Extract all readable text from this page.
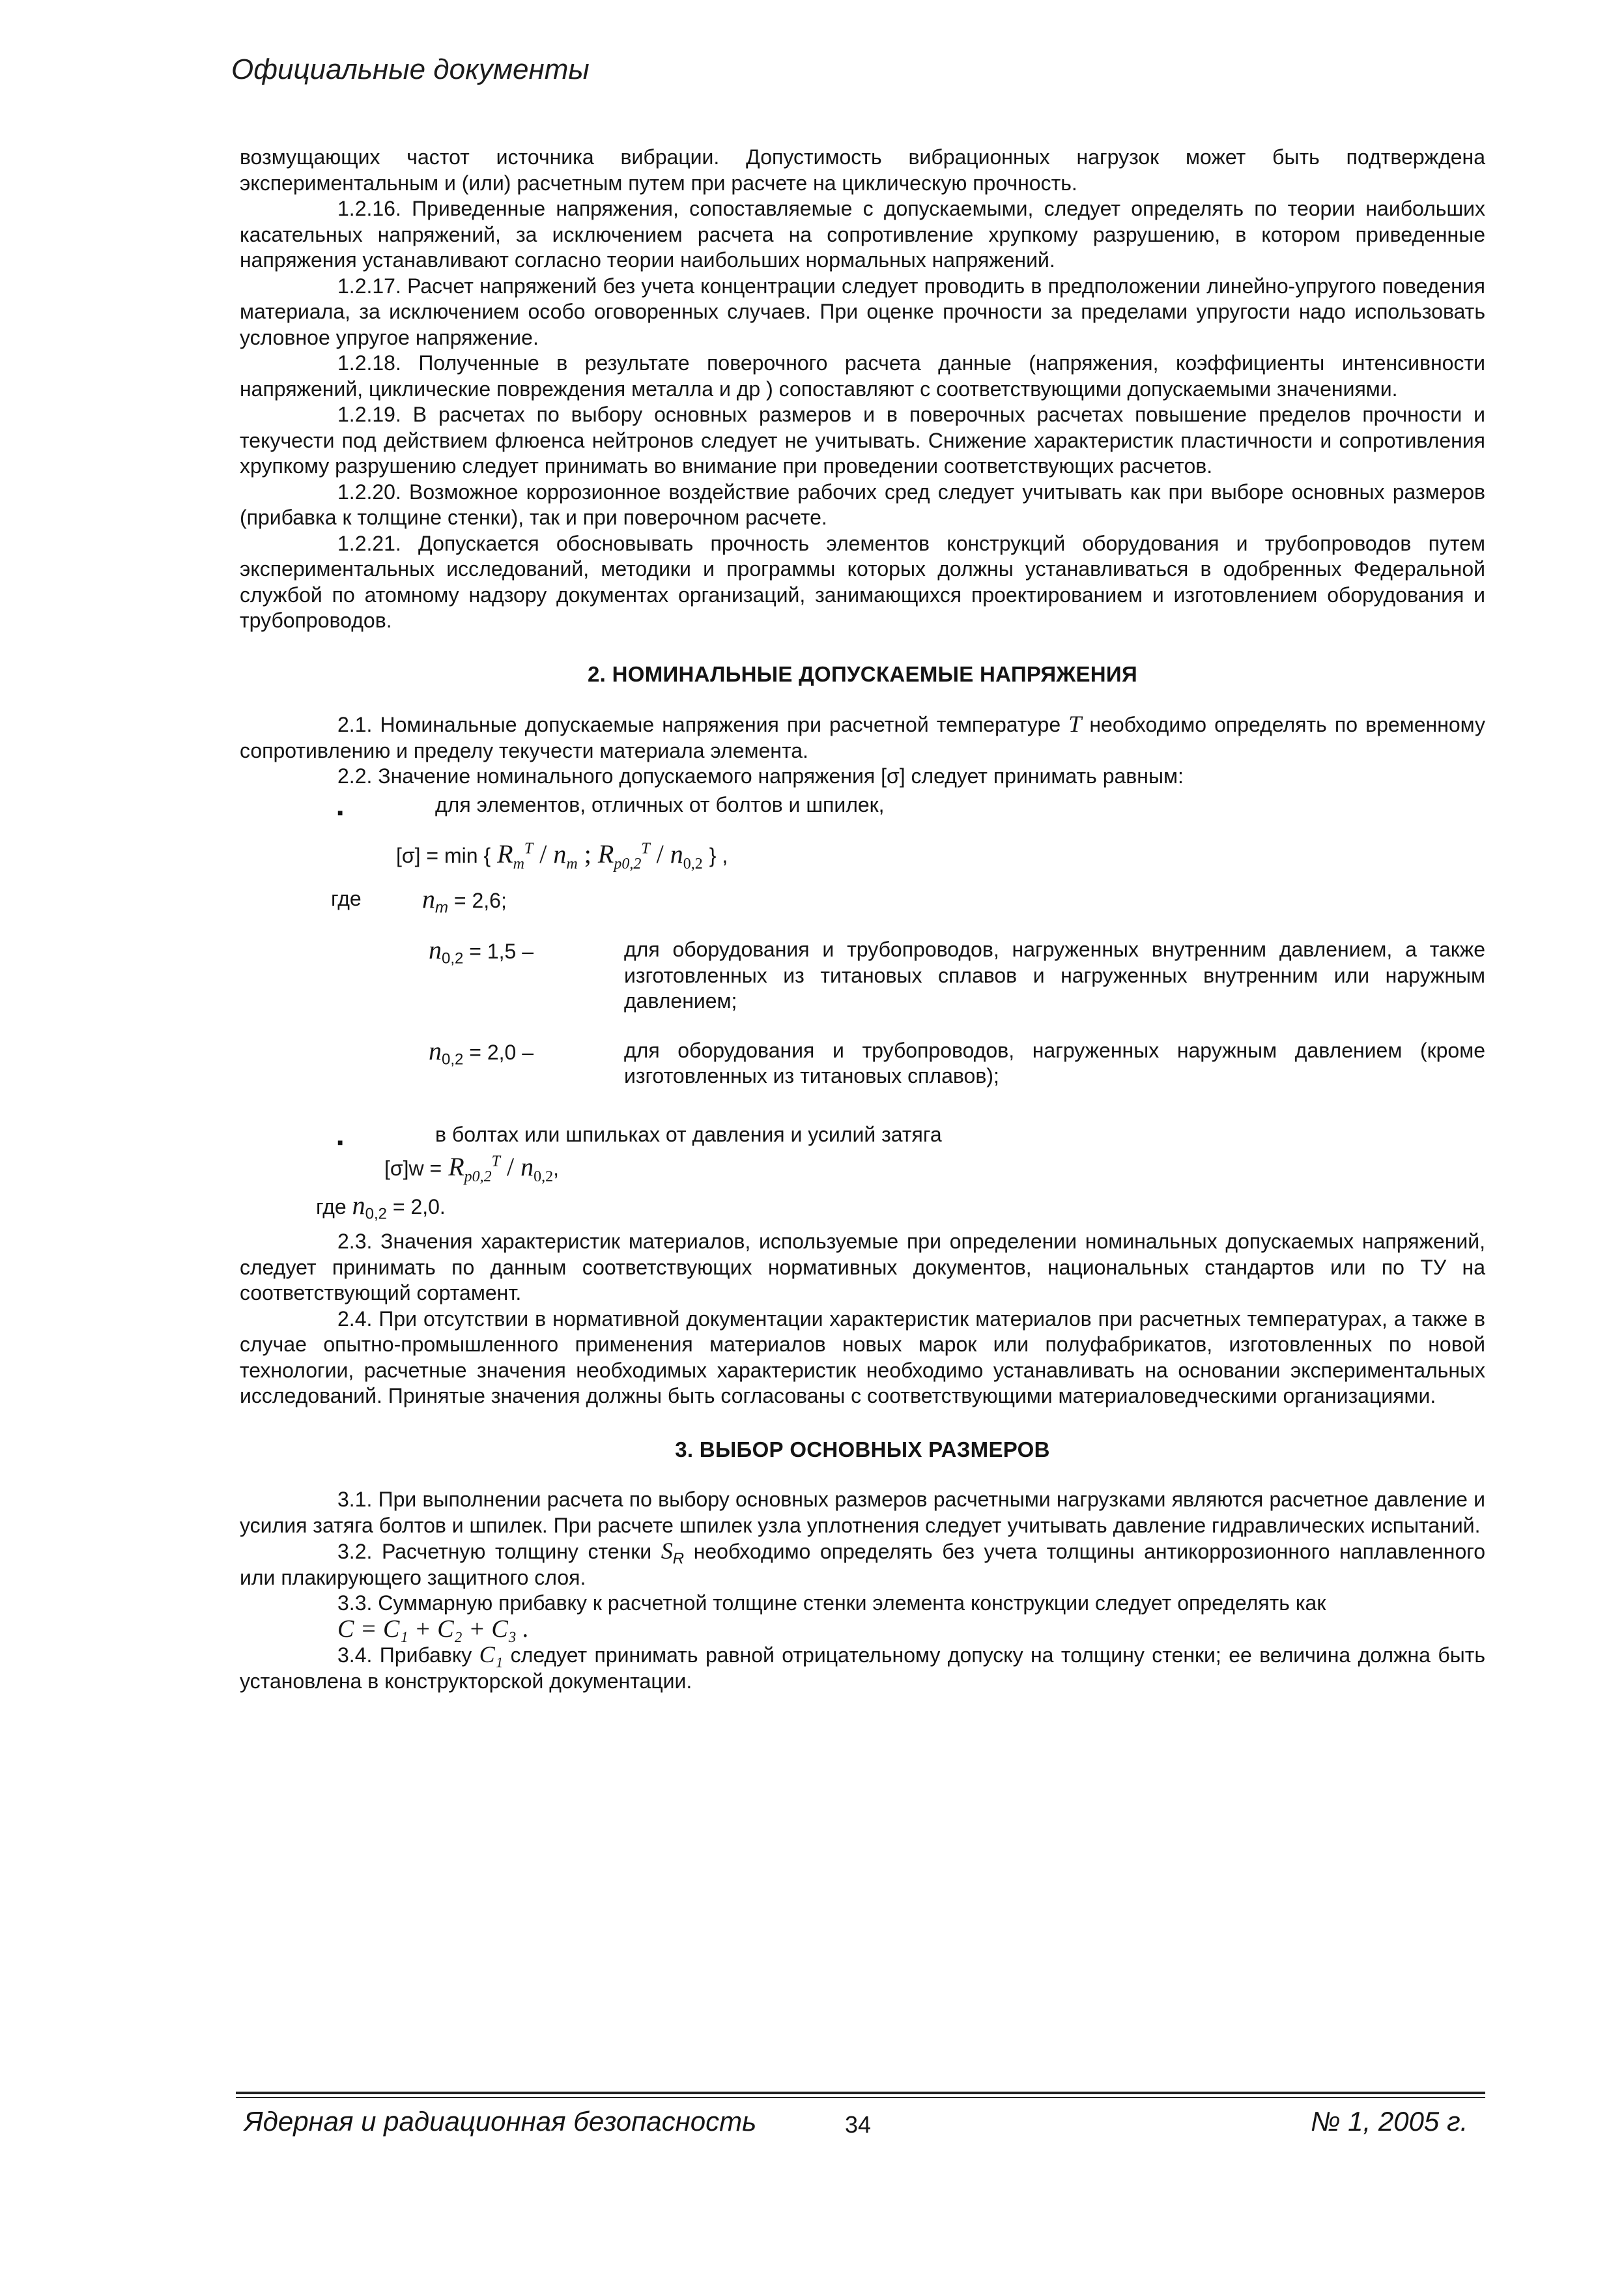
Официальные документы

возмущающих частот источника вибрации. Допустимость вибрационных нагрузок может быть подтверждена экспериментальным и (или) расчетным путем при расчете на циклическую прочность.

1.2.16. Приведенные напряжения, сопоставляемые с допускаемыми, следует определять по теории наибольших касательных напряжений, за исключением расчета на сопротивление хрупкому разрушению, в котором приведенные напряжения устанавливают согласно теории наибольших нормальных напряжений.

1.2.17. Расчет напряжений без учета концентрации следует проводить в предположении линейно-упругого поведения материала, за исключением особо оговоренных случаев. При оценке прочности за пределами упругости надо использовать условное упругое напряжение.

1.2.18. Полученные в результате поверочного расчета данные (напряжения, коэффициенты интенсивности напряжений, циклические повреждения металла и др ) сопоставляют с соответствующими допускаемыми значениями.

1.2.19. В расчетах по выбору основных размеров и в поверочных расчетах повышение пределов прочности и текучести под действием флюенса нейтронов следует не учитывать. Снижение характеристик пластичности и сопротивления хрупкому разрушению следует принимать во внимание при проведении соответствующих расчетов.

1.2.20. Возможное коррозионное воздействие рабочих сред следует учитывать как при выборе основных размеров (прибавка к толщине стенки), так и при поверочном расчете.

1.2.21. Допускается обосновывать прочность элементов конструкций оборудования и трубопроводов путем экспериментальных исследований, методики и программы которых должны устанавливаться в одобренных Федеральной службой по атомному надзору документах организаций, занимающихся проектированием и изготовлением оборудования и трубопроводов.

2. НОМИНАЛЬНЫЕ ДОПУСКАЕМЫЕ НАПРЯЖЕНИЯ

2.1. Номинальные допускаемые напряжения при расчетной температуре T необходимо определять по временному сопротивлению и пределу текучести материала элемента.

2.2. Значение номинального допускаемого напряжения [σ] следует принимать равным:

для элементов, отличных от болтов и шпилек,
[σ] = min { $R_m^T / n_m$ ; $R_{p0,2}^T / n_{0,2}$ } ,
где	$n_m = 2,6$;
$n_{0,2} = 1,5$ –	для оборудования и трубопроводов, нагруженных внутренним давлением, а также изготовленных из титановых сплавов и нагруженных внутренним или наружным давлением;
$n_{0,2} = 2,0$ –	для оборудования и трубопроводов, нагруженных наружным давлением (кроме изготовленных из титановых сплавов);
в болтах или шпильках от давления и усилий затяга
$[\sigma]w = R_{p0,2}^T / n_{0,2}$,
где $n_{0,2} = 2,0$.

2.3. Значения характеристик материалов, используемые при определении номинальных допускаемых напряжений, следует принимать по данным соответствующих нормативных документов, национальных стандартов или по ТУ на соответствующий сортамент.

2.4. При отсутствии в нормативной документации характеристик материалов при расчетных температурах, а также в случае опытно-промышленного применения материалов новых марок или полуфабрикатов, изготовленных по новой технологии, расчетные значения необходимых характеристик необходимо устанавливать на основании экспериментальных исследований. Принятые значения должны быть согласованы с соответствующими материаловедческими организациями.

3. ВЫБОР ОСНОВНЫХ РАЗМЕРОВ

3.1. При выполнении расчета по выбору основных размеров расчетными нагрузками являются расчетное давление и усилия затяга болтов и шпилек. При расчете шпилек узла уплотнения следует учитывать давление гидравлических испытаний.

3.2. Расчетную толщину стенки $S_R$ необходимо определять без учета толщины антикоррозионного наплавленного или плакирующего защитного слоя.

3.3. Суммарную прибавку к расчетной толщине стенки элемента конструкции следует определять как

C = C₁ + C₂ + C₃ .

3.4. Прибавку C₁ следует принимать равной отрицательному допуску на толщину стенки; ее величина должна быть установлена в конструкторской документации.

Ядерная и радиационная безопасность	34	№ 1, 2005 г.
